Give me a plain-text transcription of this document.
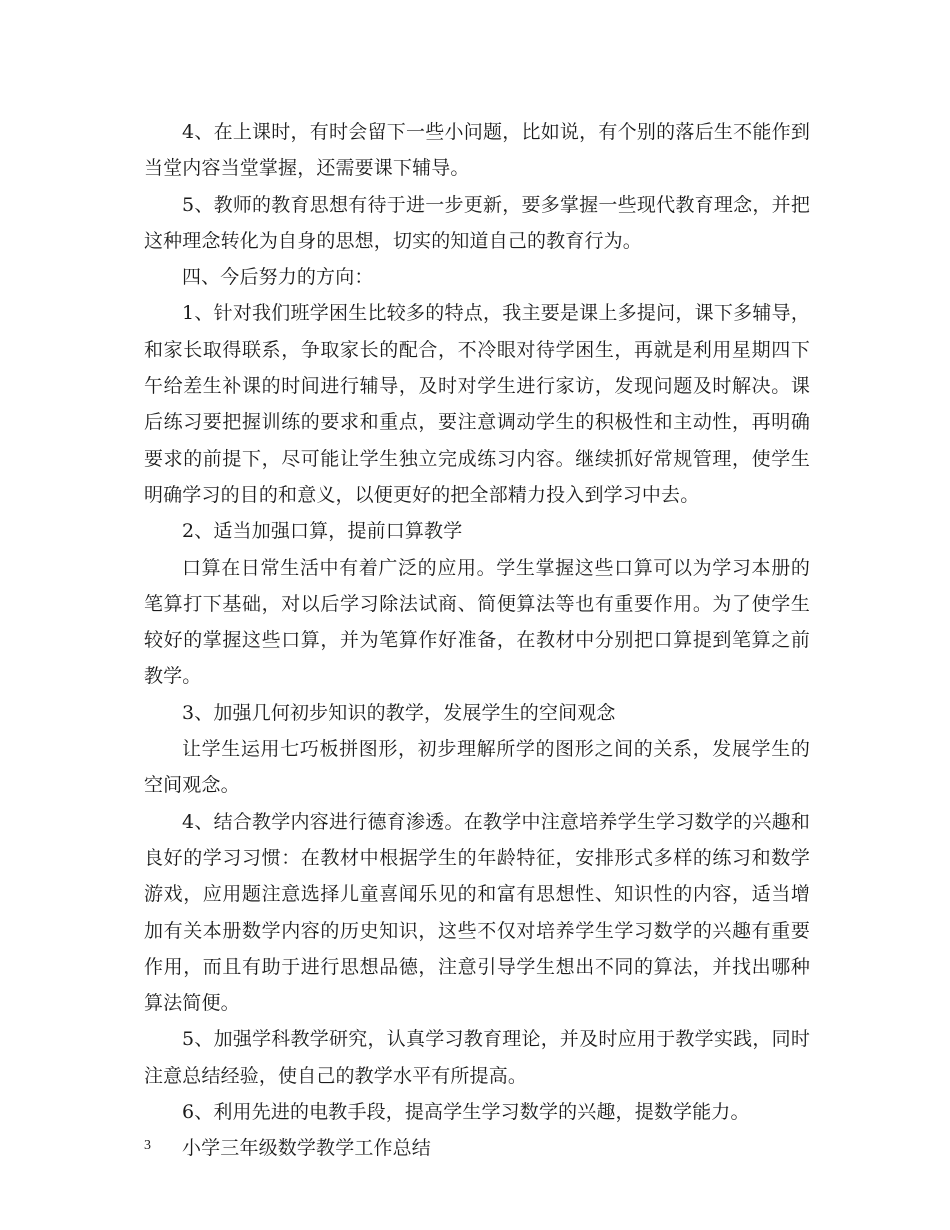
4、在上课时，有时会留下一些小问题，比如说，有个别的落后生不能作到当堂内容当堂掌握，还需要课下辅导。

5、教师的教育思想有待于进一步更新，要多掌握一些现代教育理念，并把这种理念转化为自身的思想，切实的知道自己的教育行为。

四、今后努力的方向：

1、针对我们班学困生比较多的特点，我主要是课上多提问，课下多辅导，和家长取得联系，争取家长的配合，不冷眼对待学困生，再就是利用星期四下午给差生补课的时间进行辅导，及时对学生进行家访，发现问题及时解决。课后练习要把握训练的要求和重点，要注意调动学生的积极性和主动性，再明确要求的前提下，尽可能让学生独立完成练习内容。继续抓好常规管理，使学生明确学习的目的和意义，以便更好的把全部精力投入到学习中去。

2、适当加强口算，提前口算教学

口算在日常生活中有着广泛的应用。学生掌握这些口算可以为学习本册的笔算打下基础，对以后学习除法试商、简便算法等也有重要作用。为了使学生较好的掌握这些口算，并为笔算作好准备，在教材中分别把口算提到笔算之前教学。

3、加强几何初步知识的教学，发展学生的空间观念

让学生运用七巧板拼图形，初步理解所学的图形之间的关系，发展学生的空间观念。

4、结合教学内容进行德育渗透。在教学中注意培养学生学习数学的兴趣和良好的学习习惯：在教材中根据学生的年龄特征，安排形式多样的练习和数学游戏，应用题注意选择儿童喜闻乐见的和富有思想性、知识性的内容，适当增加有关本册数学内容的历史知识，这些不仅对培养学生学习数学的兴趣有重要作用，而且有助于进行思想品德，注意引导学生想出不同的算法，并找出哪种算法简便。

5、加强学科教学研究，认真学习教育理论，并及时应用于教学实践，同时注意总结经验，使自己的教学水平有所提高。

6、利用先进的电教手段，提高学生学习数学的兴趣，提数学能力。

小学三年级数学教学工作总结

3
